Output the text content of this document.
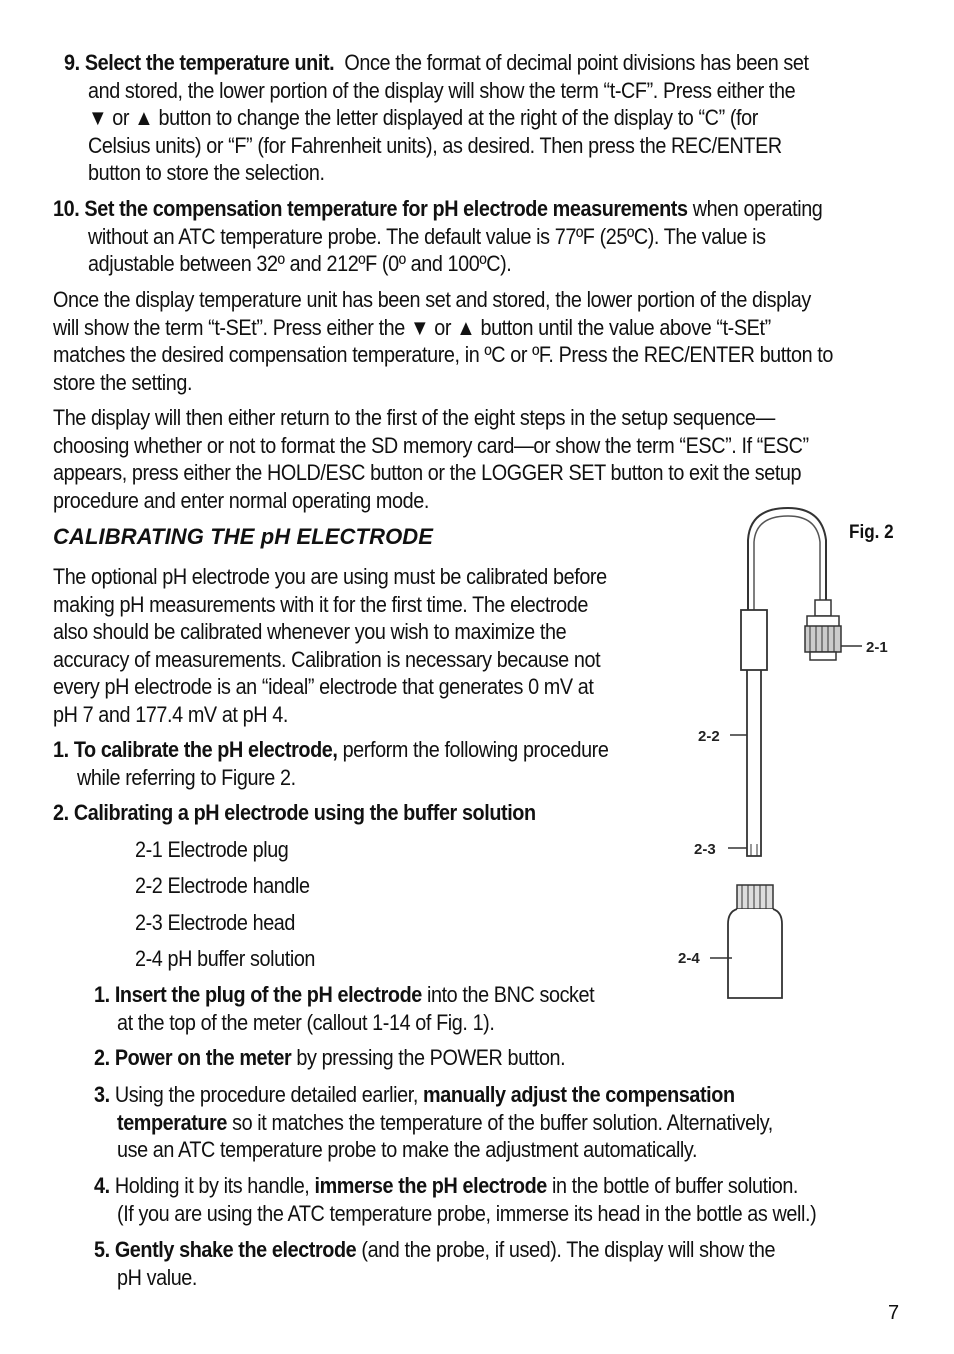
9. Select the temperature unit. Once the format of decimal point divisions has been set
and stored, the lower portion of the display will show the term “t-CF”. Press either the
▼ or ▲ button to change the letter displayed at the right of the display to “C” (for
Celsius units) or “F” (for Fahrenheit units), as desired. Then press the REC/ENTER
button to store the selection.
10. Set the compensation temperature for pH electrode measurements when operating
without an ATC temperature probe. The default value is 77ºF (25ºC). The value is
adjustable between 32º and 212ºF (0º and 100ºC).
Once the display temperature unit has been set and stored, the lower portion of the display
will show the term “t-SEt”. Press either the ▼ or ▲ button until the value above “t-SEt”
matches the desired compensation temperature, in ºC or ºF. Press the REC/ENTER button to
store the setting.
The display will then either return to the first of the eight steps in the setup sequence—
choosing whether or not to format the SD memory card—or show the term “ESC”. If “ESC”
appears, press either the HOLD/ESC button or the LOGGER SET button to exit the setup
procedure and enter normal operating mode.
CALIBRATING THE pH ELECTRODE	Fig. 2
The optional pH electrode you are using must be calibrated before
making pH measurements with it for the first time. The electrode
also should be calibrated whenever you wish to maximize the
accuracy of measurements. Calibration is necessary because not
every pH electrode is an “ideal” electrode that generates 0 mV at
pH 7 and 177.4 mV at pH 4.
1. To calibrate the pH electrode, perform the following procedure
while referring to Figure 2.
2. Calibrating a pH electrode using the buffer solution
2-1 Electrode plug
2-2 Electrode handle
2-3 Electrode head
2-4 pH buffer solution
1. Insert the plug of the pH electrode into the BNC socket
at the top of the meter (callout 1-14 of Fig. 1).
2. Power on the meter by pressing the POWER button.
3. Using the procedure detailed earlier, manually adjust the compensation
temperature so it matches the temperature of the buffer solution. Alternatively,
use an ATC temperature probe to make the adjustment automatically.
4. Holding it by its handle, immerse the pH electrode in the bottle of buffer solution.
(If you are using the ATC temperature probe, immerse its head in the bottle as well.)
5. Gently shake the electrode (and the probe, if used). The display will show the
pH value.
2-1
2-2
2-3
2-4
7
